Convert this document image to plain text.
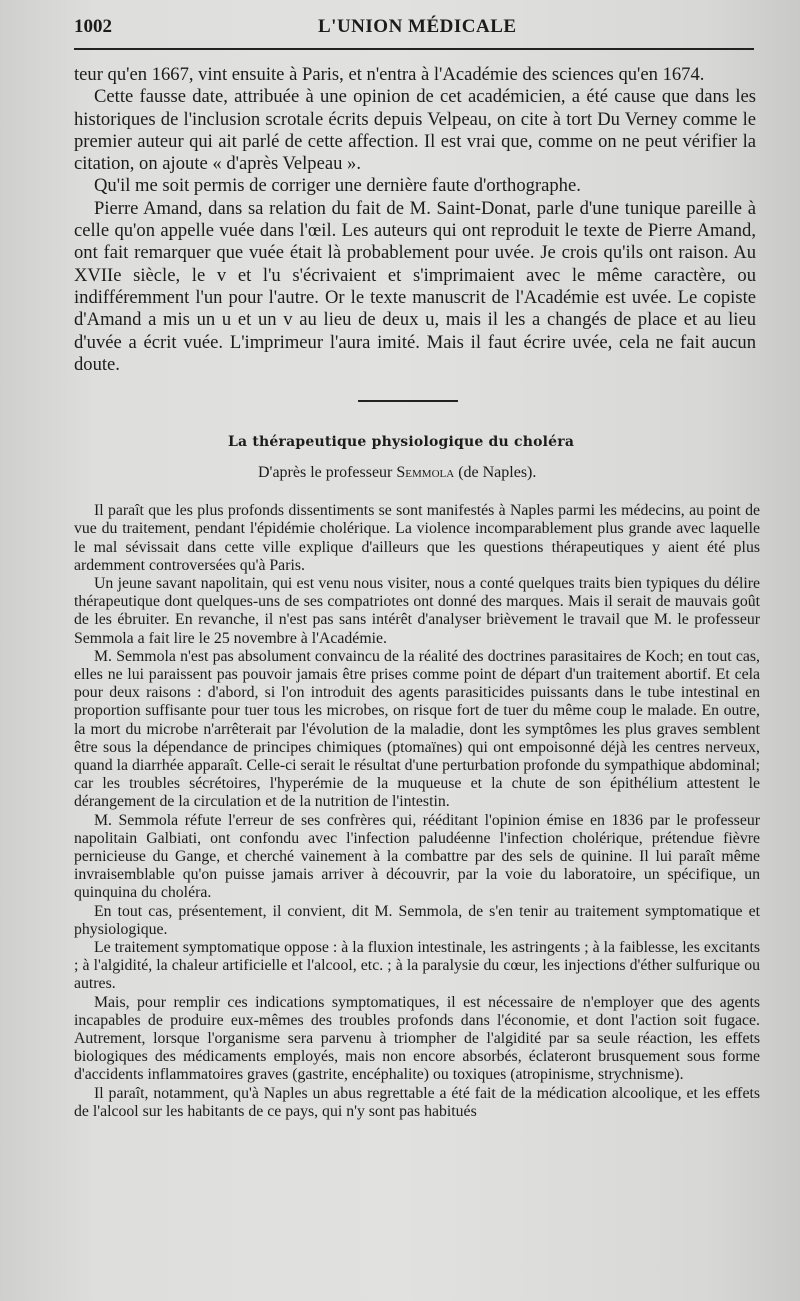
1002	L'UNION MÉDICALE

teur qu'en 1667, vint ensuite à Paris, et n'entra à l'Académie des sciences qu'en 1674.

Cette fausse date, attribuée à une opinion de cet académicien, a été cause que dans les historiques de l'inclusion scrotale écrits depuis Velpeau, on cite à tort Du Verney comme le premier auteur qui ait parlé de cette affection. Il est vrai que, comme on ne peut vérifier la citation, on ajoute « d'après Velpeau ».

Qu'il me soit permis de corriger une dernière faute d'orthographe.

Pierre Amand, dans sa relation du fait de M. Saint-Donat, parle d'une tunique pareille à celle qu'on appelle vuée dans l'œil. Les auteurs qui ont reproduit le texte de Pierre Amand, ont fait remarquer que vuée était là probablement pour uvée. Je crois qu'ils ont raison. Au XVIIe siècle, le v et l'u s'écrivaient et s'imprimaient avec le même caractère, ou indifféremment l'un pour l'autre. Or le texte manuscrit de l'Académie est uvée. Le copiste d'Amand a mis un u et un v au lieu de deux u, mais il les a changés de place et au lieu d'uvée a écrit vuée. L'imprimeur l'aura imité. Mais il faut écrire uvée, cela ne fait aucun doute.

La thérapeutique physiologique du choléra
D'après le professeur Semmola (de Naples).

Il paraît que les plus profonds dissentiments se sont manifestés à Naples parmi les médecins, au point de vue du traitement, pendant l'épidémie cholérique. La violence incomparablement plus grande avec laquelle le mal sévissait dans cette ville explique d'ailleurs que les questions thérapeutiques y aient été plus ardemment controversées qu'à Paris.

Un jeune savant napolitain, qui est venu nous visiter, nous a conté quelques traits bien typiques du délire thérapeutique dont quelques-uns de ses compatriotes ont donné des marques. Mais il serait de mauvais goût de les ébruiter. En revanche, il n'est pas sans intérêt d'analyser brièvement le travail que M. le professeur Semmola a fait lire le 25 novembre à l'Académie.

M. Semmola n'est pas absolument convaincu de la réalité des doctrines parasitaires de Koch; en tout cas, elles ne lui paraissent pas pouvoir jamais être prises comme point de départ d'un traitement abortif. Et cela pour deux raisons : d'abord, si l'on introduit des agents parasiticides puissants dans le tube intestinal en proportion suffisante pour tuer tous les microbes, on risque fort de tuer du même coup le malade. En outre, la mort du microbe n'arrêterait par l'évolution de la maladie, dont les symptômes les plus graves semblent être sous la dépendance de principes chimiques (ptomaïnes) qui ont empoisonné déjà les centres nerveux, quand la diarrhée apparaît. Celle-ci serait le résultat d'une perturbation profonde du sympathique abdominal; car les troubles sécrétoires, l'hyperémie de la muqueuse et la chute de son épithélium attestent le dérangement de la circulation et de la nutrition de l'intestin.

M. Semmola réfute l'erreur de ses confrères qui, rééditant l'opinion émise en 1836 par le professeur napolitain Galbiati, ont confondu avec l'infection paludéenne l'infection cholérique, prétendue fièvre pernicieuse du Gange, et cherché vainement à la combattre par des sels de quinine. Il lui paraît même invraisemblable qu'on puisse jamais arriver à découvrir, par la voie du laboratoire, un spécifique, un quinquina du choléra.

En tout cas, présentement, il convient, dit M. Semmola, de s'en tenir au traitement symptomatique et physiologique.

Le traitement symptomatique oppose : à la fluxion intestinale, les astringents ; à la faiblesse, les excitants ; à l'algidité, la chaleur artificielle et l'alcool, etc. ; à la paralysie du cœur, les injections d'éther sulfurique ou autres.

Mais, pour remplir ces indications symptomatiques, il est nécessaire de n'employer que des agents incapables de produire eux-mêmes des troubles profonds dans l'économie, et dont l'action soit fugace. Autrement, lorsque l'organisme sera parvenu à triompher de l'algidité par sa seule réaction, les effets biologiques des médicaments employés, mais non encore absorbés, éclateront brusquement sous forme d'accidents inflammatoires graves (gastrite, encéphalite) ou toxiques (atropinisme, strychnisme).

Il paraît, notamment, qu'à Naples un abus regrettable a été fait de la médication alcoolique, et les effets de l'alcool sur les habitants de ce pays, qui n'y sont pas habitués
